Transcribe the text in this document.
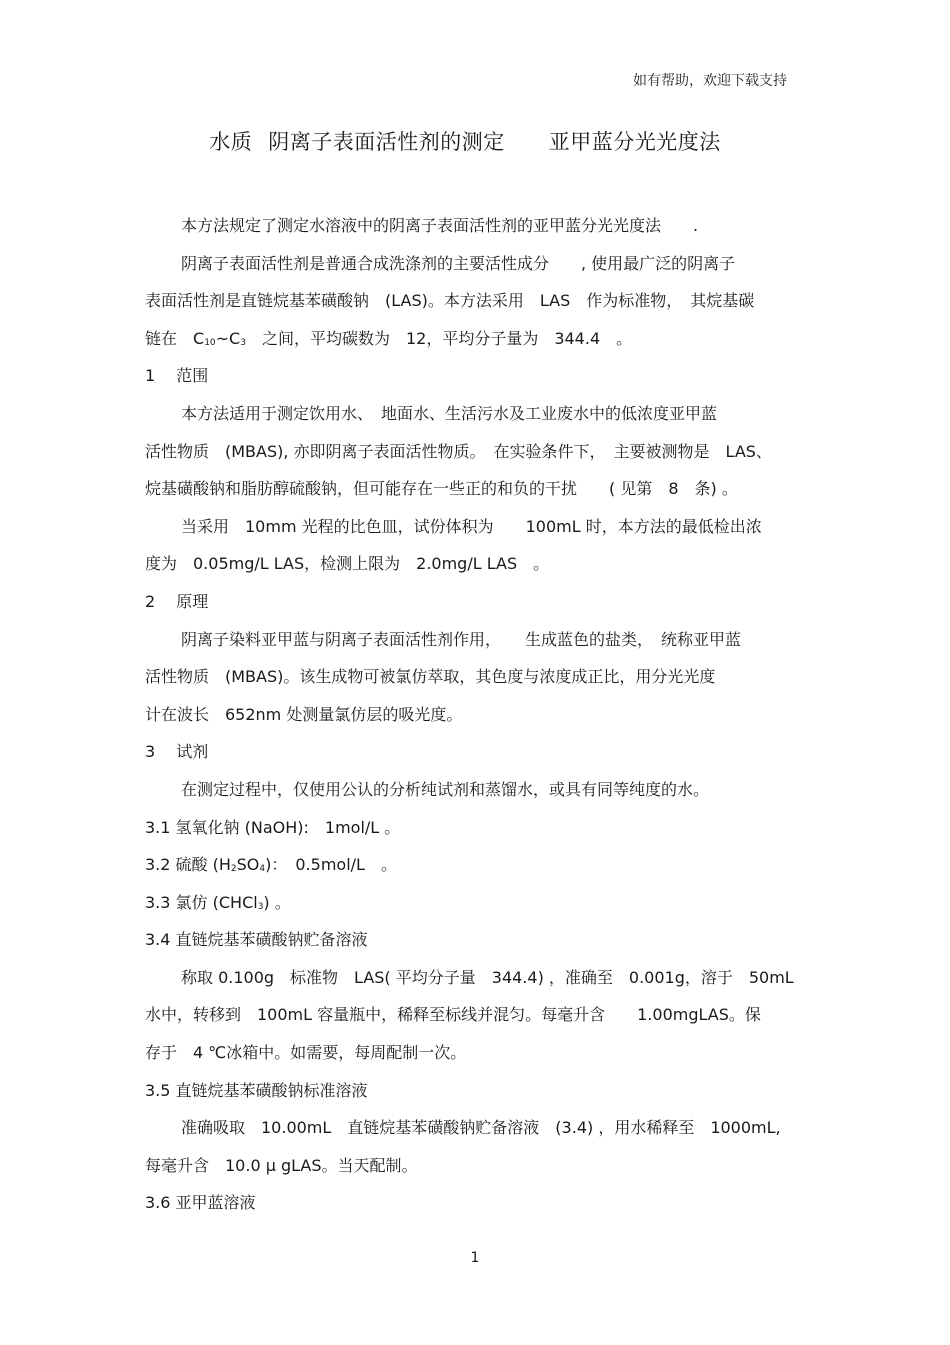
如有帮助，欢迎下载支持
水质 阴离子表面活性剂的测定 亚甲蓝分光光度法
本方法规定了测定水溶液中的阴离子表面活性剂的亚甲蓝分光光度法　　.
阴离子表面活性剂是普通合成洗涤剂的主要活性成分　　, 使用最广泛的阴离子
表面活性剂是直链烷基苯磺酸钠　(LAS)。本方法采用　LAS　作为标准物，　其烷基碳
链在　C10~C3　之间，平均碳数为　12，平均分子量为　344.4　。
1　 范围
本方法适用于测定饮用水、　地面水、生活污水及工业废水中的低浓度亚甲蓝
活性物质　(MBAS), 亦即阴离子表面活性物质。　在实验条件下，　主要被测物是　LAS、
烷基磺酸钠和脂肪醇硫酸钠，但可能存在一些正的和负的干扰　　( 见第　8　条) 。
当采用　10mm 光程的比色皿，试份体积为　　100mL 时，本方法的最低检出浓
度为　0.05mg/L LAS，检测上限为　2.0mg/L LAS　。
2　 原理
阴离子染料亚甲蓝与阴离子表面活性剂作用，　　生成蓝色的盐类，　统称亚甲蓝
活性物质　(MBAS)。该生成物可被氯仿萃取，其色度与浓度成正比，用分光光度
计在波长　652nm 处测量氯仿层的吸光度。
3　 试剂
在测定过程中，仅使用公认的分析纯试剂和蒸馏水，或具有同等纯度的水。
3.1 氢氧化钠 (NaOH):　1mol/L 。
3.2 硫酸 (H2SO4)：　0.5mol/L　。
3.3 氯仿 (CHCl3) 。
3.4 直链烷基苯磺酸钠贮备溶液
称取 0.100g　标准物　LAS( 平均分子量　344.4) ，准确至　0.001g，溶于　50mL
水中，转移到　100mL 容量瓶中，稀释至标线并混匀。每毫升含　　1.00mgLAS。保
存于　4 ℃冰箱中。如需要，每周配制一次。
3.5 直链烷基苯磺酸钠标准溶液
准确吸取　10.00mL　直链烷基苯磺酸钠贮备溶液　(3.4) ，用水稀释至　1000mL,
每毫升含　10.0 μ gLAS。当天配制。
3.6 亚甲蓝溶液
1
